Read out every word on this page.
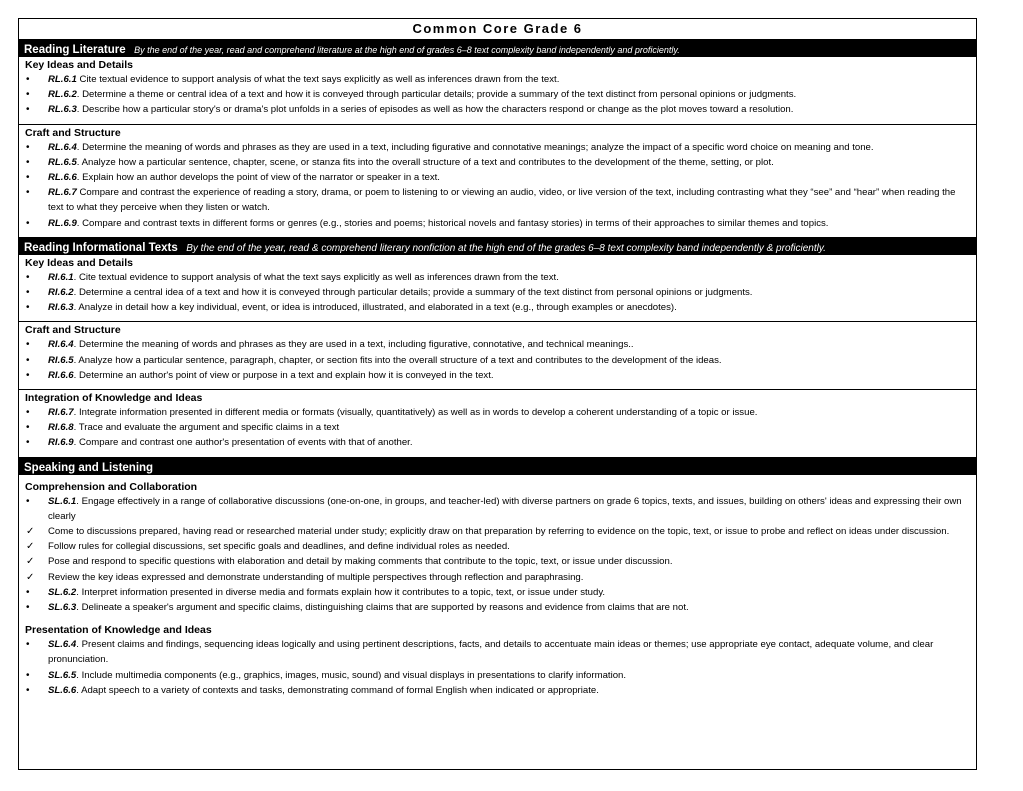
Common Core Grade 6
Reading Literature By the end of the year, read and comprehend literature at the high end of grades 6–8 text complexity band independently and proficiently.
Key Ideas and Details
• RL.6.1 Cite textual evidence to support analysis of what the text says explicitly as well as inferences drawn from the text.
• RL.6.2. Determine a theme or central idea of a text and how it is conveyed through particular details; provide a summary of the text distinct from personal opinions or judgments.
• RL.6.3. Describe how a particular story's or drama's plot unfolds in a series of episodes as well as how the characters respond or change as the plot moves toward a resolution.
Craft and Structure
• RL.6.4. Determine the meaning of words and phrases as they are used in a text, including figurative and connotative meanings; analyze the impact of a specific word choice on meaning and tone.
• RL.6.5. Analyze how a particular sentence, chapter, scene, or stanza fits into the overall structure of a text and contributes to the development of the theme, setting, or plot.
• RL.6.6. Explain how an author develops the point of view of the narrator or speaker in a text.
• RL.6.7 Compare and contrast the experience of reading a story, drama, or poem to listening to or viewing an audio, video, or live version of the text, including contrasting what they “see” and “hear” when reading the text to what they perceive when they listen or watch.
• RL.6.9. Compare and contrast texts in different forms or genres (e.g., stories and poems; historical novels and fantasy stories) in terms of their approaches to similar themes and topics.
Reading Informational Texts By the end of the year, read & comprehend literary nonfiction at the high end of the grades 6–8 text complexity band independently & proficiently.
Key Ideas and Details
• RI.6.1. Cite textual evidence to support analysis of what the text says explicitly as well as inferences drawn from the text.
• RI.6.2. Determine a central idea of a text and how it is conveyed through particular details; provide a summary of the text distinct from personal opinions or judgments.
• RI.6.3. Analyze in detail how a key individual, event, or idea is introduced, illustrated, and elaborated in a text (e.g., through examples or anecdotes).
Craft and Structure
• RI.6.4. Determine the meaning of words and phrases as they are used in a text, including figurative, connotative, and technical meanings..
• RI.6.5. Analyze how a particular sentence, paragraph, chapter, or section fits into the overall structure of a text and contributes to the development of the ideas.
• RI.6.6. Determine an author's point of view or purpose in a text and explain how it is conveyed in the text.
Integration of Knowledge and Ideas
• RI.6.7. Integrate information presented in different media or formats (visually, quantitatively) as well as in words to develop a coherent understanding of a topic or issue.
• RI.6.8. Trace and evaluate the argument and specific claims in a text
• RI.6.9. Compare and contrast one author's presentation of events with that of another.
Speaking and Listening
Comprehension and Collaboration
• SL.6.1. Engage effectively in a range of collaborative discussions (one-on-one, in groups, and teacher-led) with diverse partners on grade 6 topics, texts, and issues, building on others' ideas and expressing their own clearly
✓ Come to discussions prepared, having read or researched material under study; explicitly draw on that preparation by referring to evidence on the topic, text, or issue to probe and reflect on ideas under discussion.
✓ Follow rules for collegial discussions, set specific goals and deadlines, and define individual roles as needed.
✓ Pose and respond to specific questions with elaboration and detail by making comments that contribute to the topic, text, or issue under discussion.
✓ Review the key ideas expressed and demonstrate understanding of multiple perspectives through reflection and paraphrasing.
• SL.6.2. Interpret information presented in diverse media and formats explain how it contributes to a topic, text, or issue under study.
• SL.6.3. Delineate a speaker's argument and specific claims, distinguishing claims that are supported by reasons and evidence from claims that are not.
Presentation of Knowledge and Ideas
• SL.6.4. Present claims and findings, sequencing ideas logically and using pertinent descriptions, facts, and details to accentuate main ideas or themes; use appropriate eye contact, adequate volume, and clear pronunciation.
• SL.6.5. Include multimedia components (e.g., graphics, images, music, sound) and visual displays in presentations to clarify information.
• SL.6.6. Adapt speech to a variety of contexts and tasks, demonstrating command of formal English when indicated or appropriate.
